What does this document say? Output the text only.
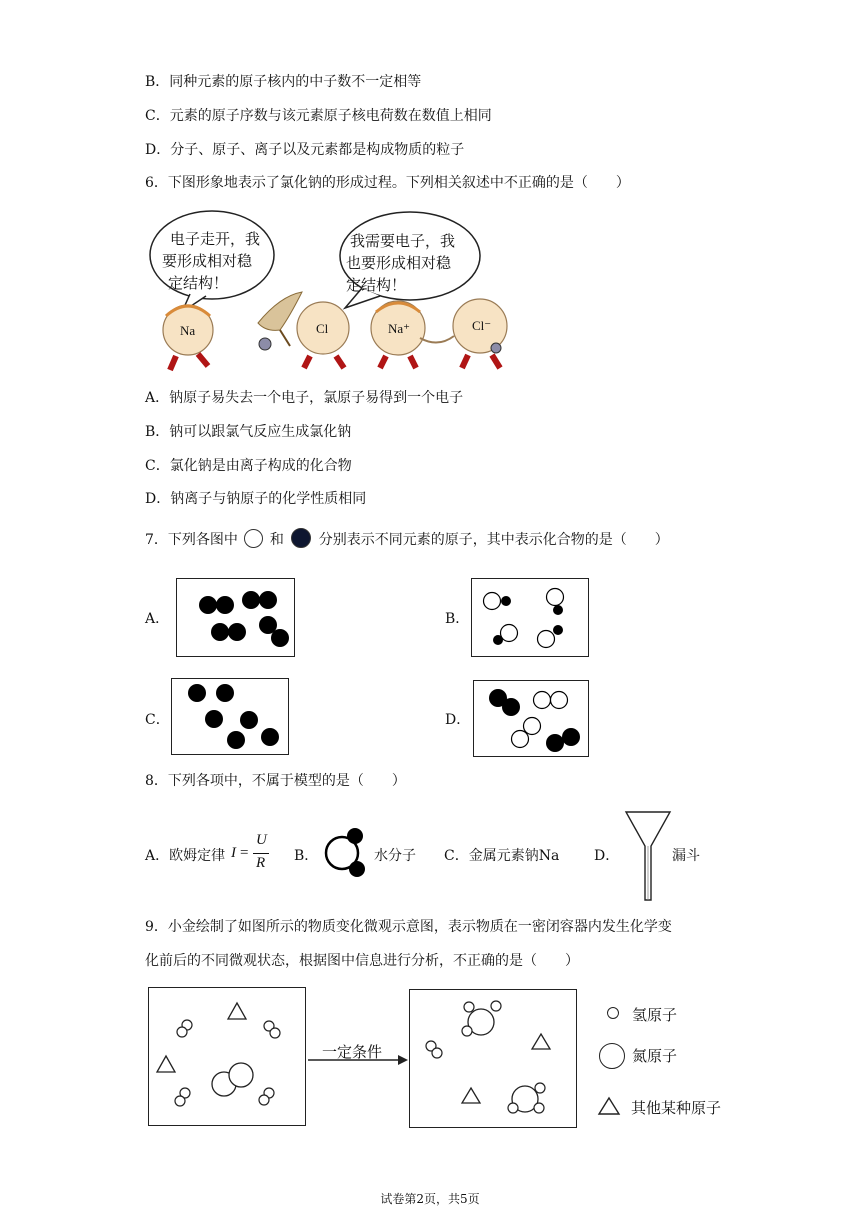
B．同种元素的原子核内的中子数不一定相等
C．元素的原子序数与该元素原子核电荷数在数值上相同
D．分子、原子、离子以及元素都是构成物质的粒子
6．下图形象地表示了氯化钠的形成过程。下列相关叙述中不正确的是（　　）
电子走开，我
要形成相对稳
定结构！
我需要电子，我
也要形成相对稳
定结构！
Na	Cl	Na⁺	Cl⁻
A．钠原子易失去一个电子，氯原子易得到一个电子
B．钠可以跟氯气反应生成氯化钠
C．氯化钠是由离子构成的化合物
D．钠离子与钠原子的化学性质相同
7．下列各图中 和 分别表示不同元素的原子，其中表示化合物的是（　　）
A．	B．
C．	D．
8．下列各项中，不属于模型的是（　　）
A．欧姆定律 I =
U
R B．	水分子 C．金属元素钠Na D．	漏斗
9．小金绘制了如图所示的物质变化微观示意图，表示物质在一密闭容器内发生化学变
化前后的不同微观状态，根据图中信息进行分析，不正确的是（　　）
一定条件
氢原子
氮原子
其他某种原子
试卷第2页，共5页
